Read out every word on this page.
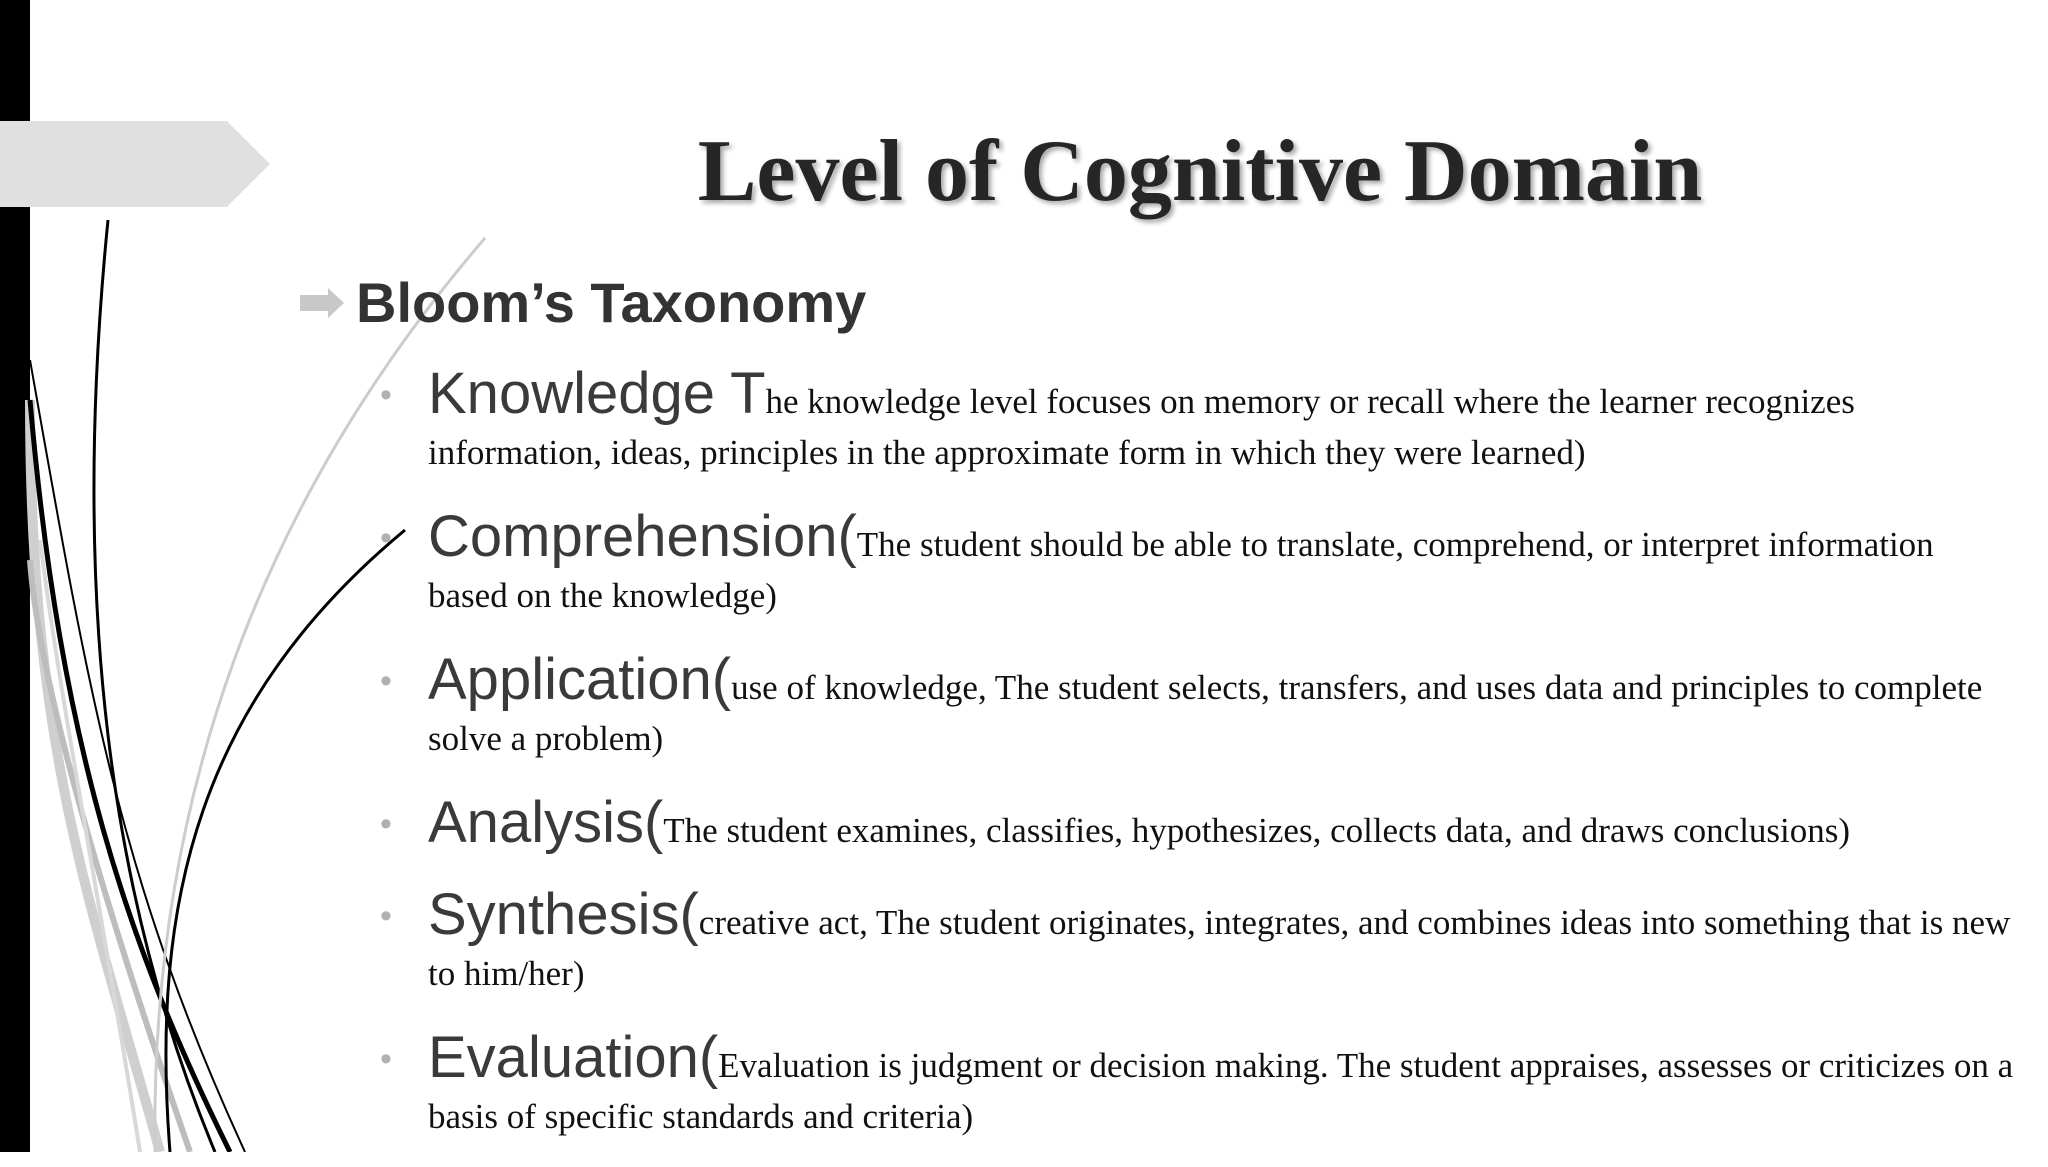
Level of Cognitive Domain
Bloom’s Taxonomy
• Knowledge The knowledge level focuses on memory or recall where the learner recognizes information, ideas, principles in the approximate form in which they were learned)
• Comprehension(The student should be able to translate, comprehend, or interpret information based on the knowledge)
• Application(use of knowledge, The student selects, transfers, and uses data and principles to complete solve a problem)
• Analysis(The student examines, classifies, hypothesizes, collects data, and draws conclusions)
• Synthesis(creative act, The student originates, integrates, and combines ideas into something that is new to him/her)
• Evaluation(Evaluation is judgment or decision making. The student appraises, assesses or criticizes on a basis of specific standards and criteria)
